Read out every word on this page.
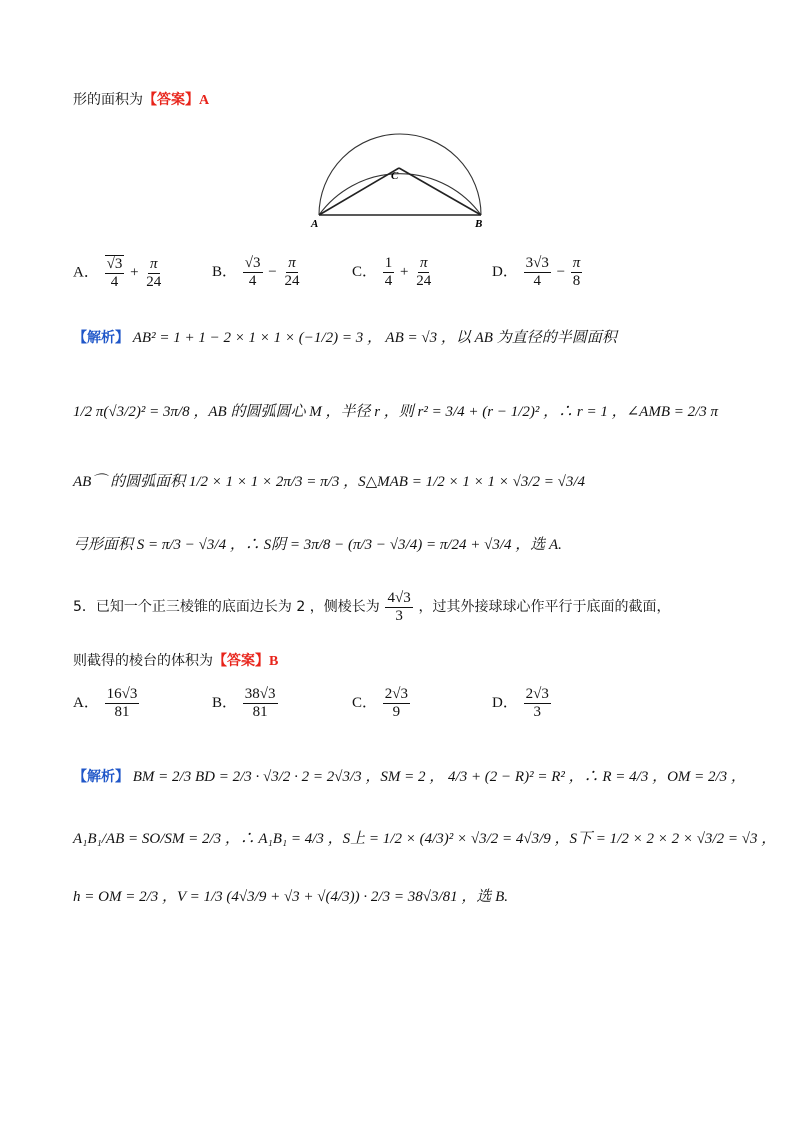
形的面积为【答案】A
A	B
C
A． $\frac{√3}{4} + \frac{\pi}{24}$	B． $\frac{√3}{4} - \frac{\pi}{24}$	C． $\frac{1}{4} + \frac{\pi}{24}$	D． $\frac{3√3}{4} - \frac{\pi}{8}$
【解析】 AB² = 1 + 1 − 2 × 1 × 1 × (−1/2) = 3 ， AB = √3 ，以 AB 为直径的半圆面积
1/2 π(√3/2)² = 3π/8 ，AB 的圆弧圆心 M ，半径 r ，则 r² = 3/4 + (r − 1/2)² ，∴ r = 1 ，∠AMB = 2/3 π
AB⌒ 的圆弧面积 1/2 × 1 × 1 × 2π/3 = π/3 ，S△MAB = 1/2 × 1 × 1 × √3/2 = √3/4
弓形面积 S = π/3 − √3/4 ，∴ S阴 = 3π/8 − (π/3 − √3/4) = π/24 + √3/4 ，选 A.
5．已知一个正三棱锥的底面边长为 2 ，侧棱长为 $\frac{4√3}{3}$ ，过其外接球球心作平行于底面的截面，
则截得的棱台的体积为【答案】B
A． $\frac{16√3}{81}$	B． $\frac{38√3}{81}$	C． $\frac{2√3}{9}$	D． $\frac{2√3}{3}$
【解析】 BM = 2/3 BD = 2/3 · √3/2 · 2 = 2√3/3 ，SM = 2 ， 4/3 + (2 − R)² = R² ，∴ R = 4/3 ，OM = 2/3 ，
A₁B₁/AB = SO/SM = 2/3 ，∴ A₁B₁ = 4/3 ，S上 = 1/2 × (4/3)² × √3/2 = 4√3/9 ，S下 = 1/2 × 2 × 2 × √3/2 = √3 ，
h = OM = 2/3 ，V = 1/3 (4√3/9 + √3 + √(4/3)) · 2/3 = 38√3/81 ，选 B.
